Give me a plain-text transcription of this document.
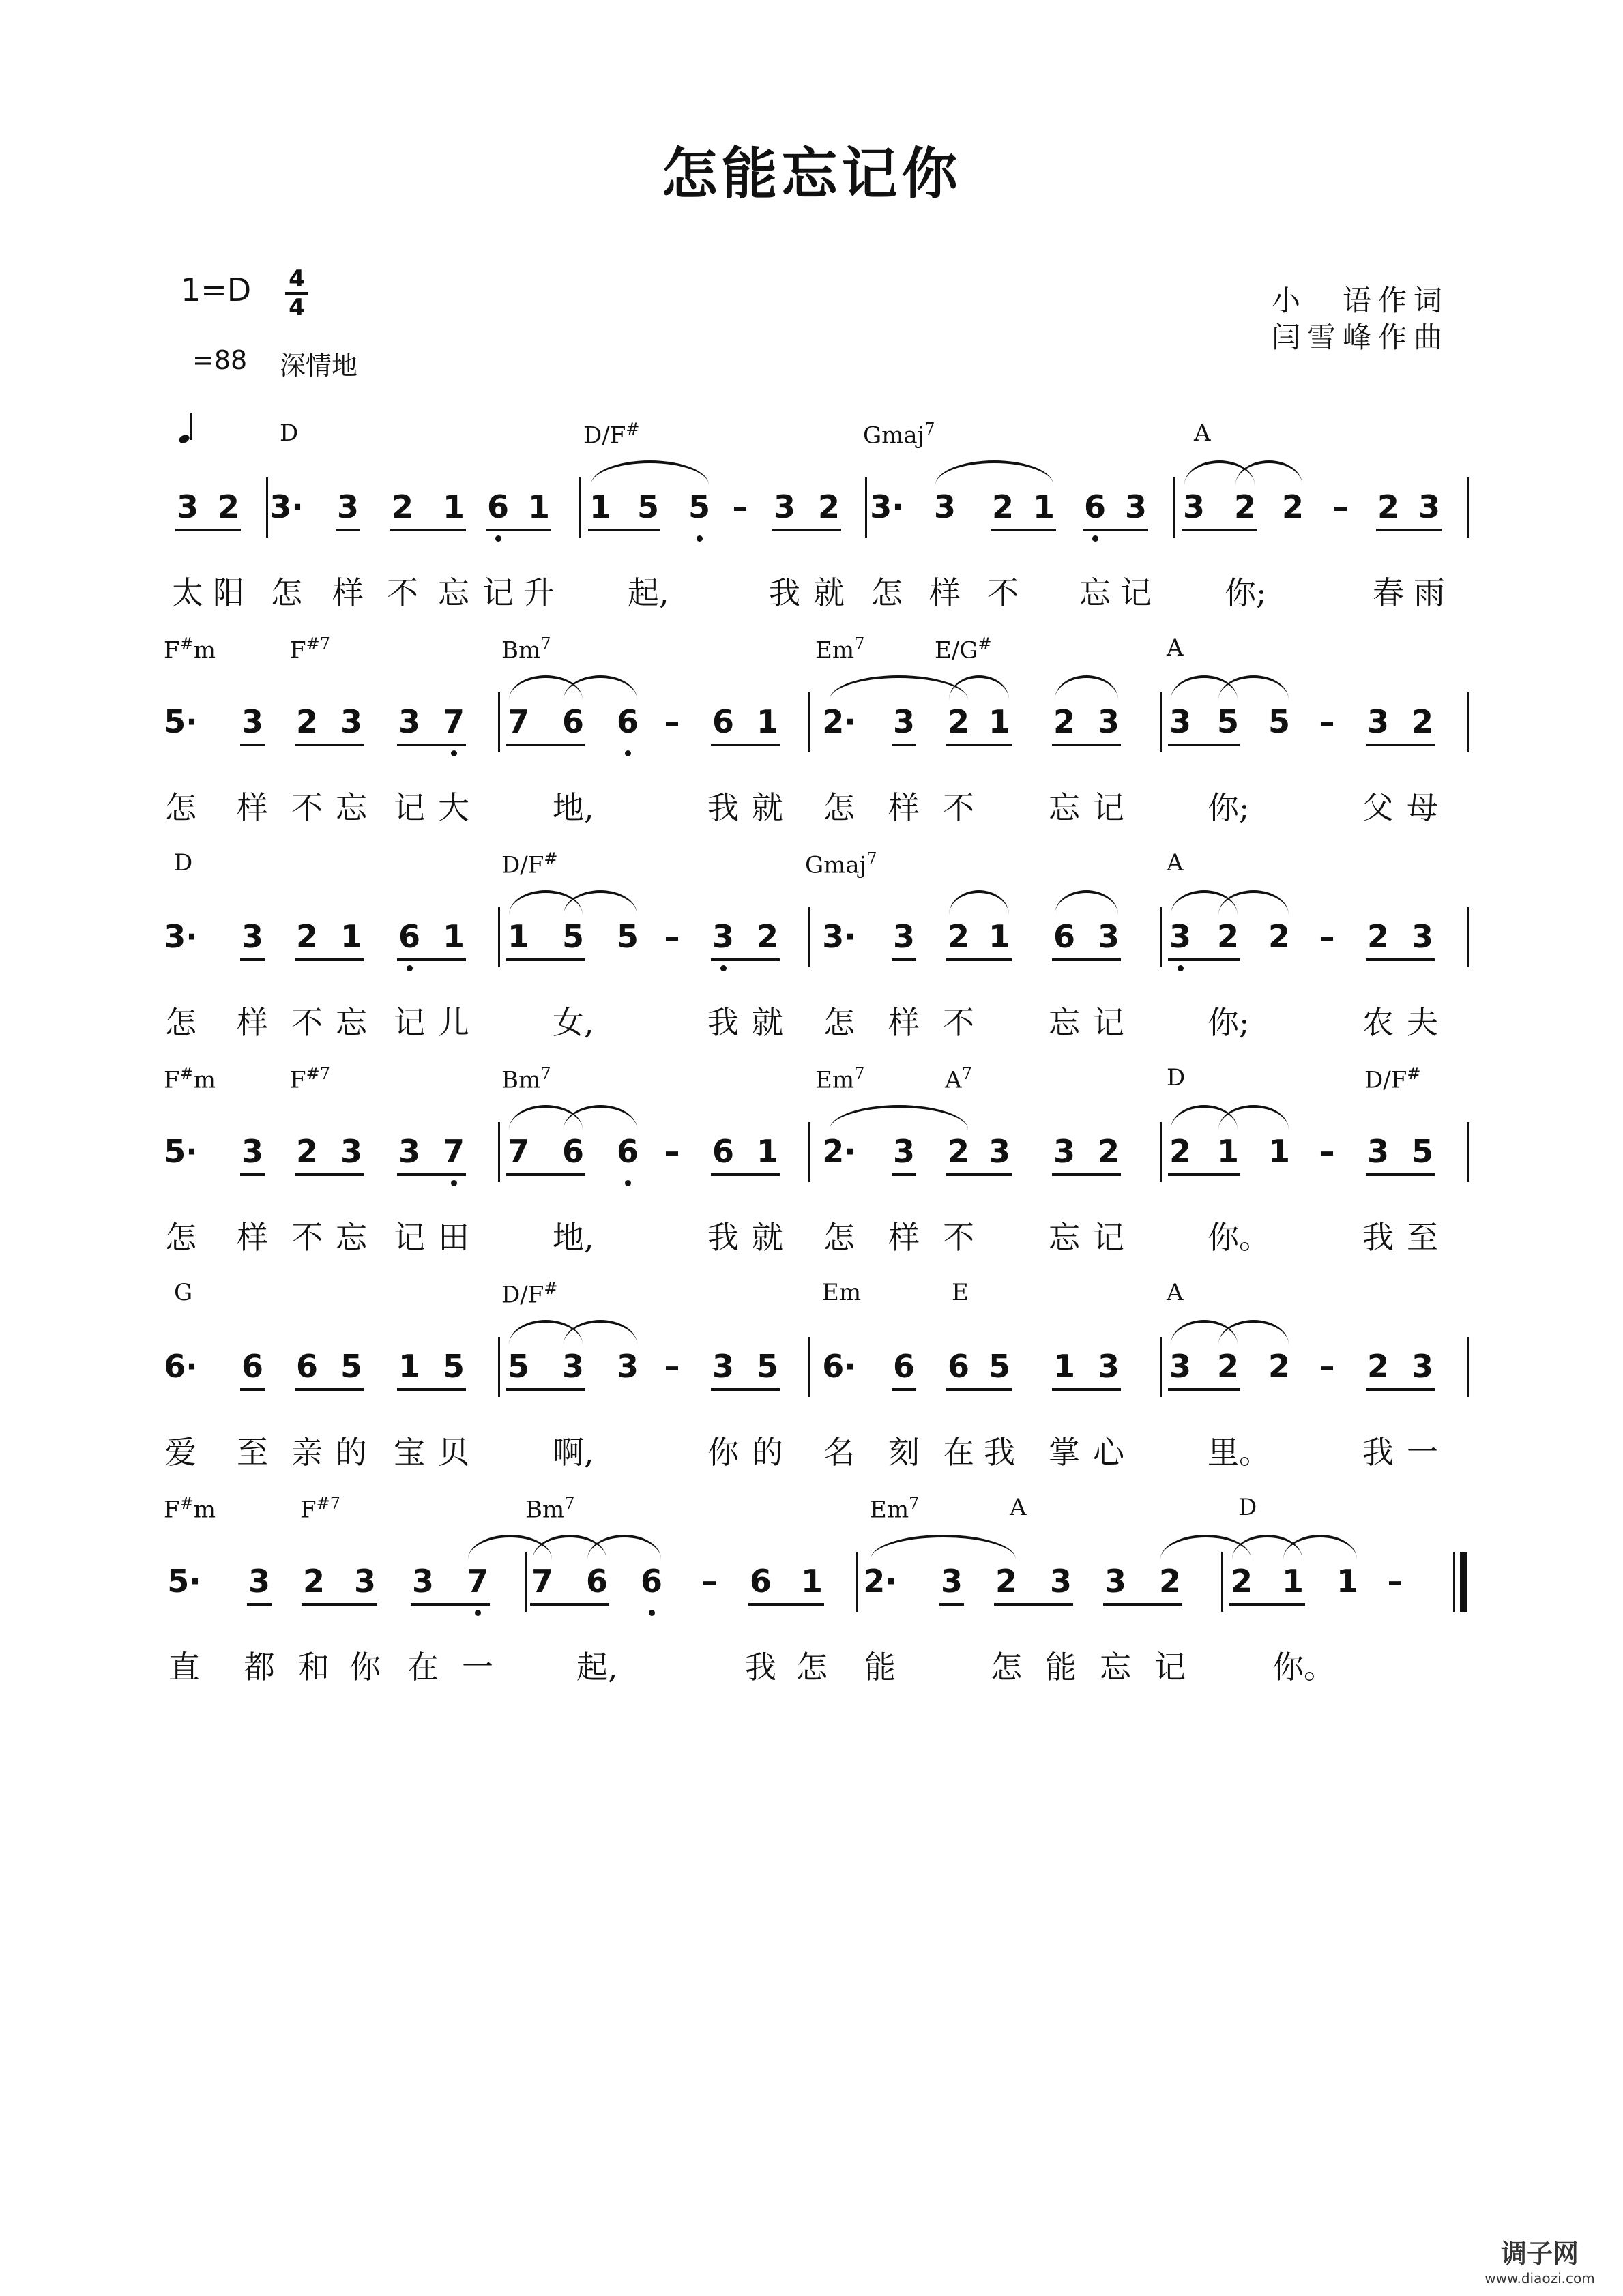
怎能忘记你
1=D 4
4
=88 深情地
小　语作词
闫雪峰作曲
D	D/F#	Gmaj$^7$	A
3 2 3·	3	2 1 6 1	1 5 5 – 3 2 3· 3	2 1 6 3	3 2 2 – 2 3
太 阳 怎 样 不 忘 记 升 起,	我 就 怎 样 不 忘 记 你;	春 雨
F#m	$F^{\#7}$	Bm$^7$	Em$^7$	E/G#	A
5·	3	2 3	3 7	7	6	6 –	6 1	2·	3	2 1	2 3	3 5 5 –	3 2
怎 样 不 忘 记 大	地,	我 就 怎 样 不 忘 记	你;	父 母
D	D/F#	Gmaj$^7$	A
3·	3	2 1	6 1	1	5	5 –	3 2	3·	3	2 1	6 3	3 2 2 –	2 3
怎 样 不 忘 记 儿	女,	我 就 怎 样 不 忘 记	你;	农 夫
F#m	$F^{\#7}$	Bm$^7$	Em$^7$	$A^7$	D	D/F#
5·	3	2 3	3 7	7	6	6 –	6 1	2·	3	2 3	3 2	2 1 1 –	3 5
怎 样 不 忘 记 田	地,	我 就 怎 样 不 忘 记	你。	我 至
G	D/F#	Em	E	A
6·	6	6 5	1 5	5	3	3 –	3 5	6·	6	6 5	1 3	3 2 2 –	2 3
爱 至 亲 的 宝 贝	啊,	你 的 名 刻 在 我 掌 心	里。	我 一
F#m	$F^{\#7}$	Bm$^7$	Em$^7$	A	D
5·	3	2 3	3	7	7	6	6	–	6 1	2·	3	2	3	3	2	2 1	1 –
直 都 和 你 在 一	起,	我 怎 能	怎 能 忘 记	你。
调子网
www.diaozi.com
